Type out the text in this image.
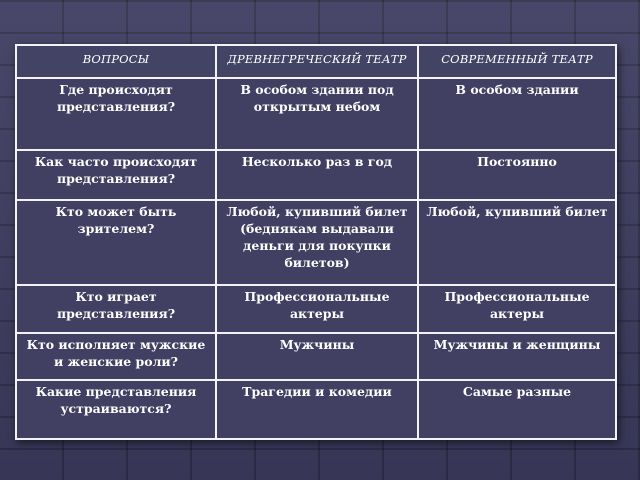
ВОПРОСЫ	ДРЕВНЕГРЕЧЕСКИЙ ТЕАТР	СОВРЕМЕННЫЙ ТЕАТР
Где происходят представления?	В особом здании под открытым небом	В особом здании
Как часто происходят представления?	Несколько раз в год	Постоянно
Кто может быть зрителем?	Любой, купивший билет (беднякам выдавали деньги для покупки билетов)	Любой, купивший билет
Кто играет представления?	Профессиональные актеры	Профессиональные актеры
Кто исполняет мужские и женские роли?	Мужчины	Мужчины и женщины
Какие представления устраиваются?	Трагедии и комедии	Самые разные
